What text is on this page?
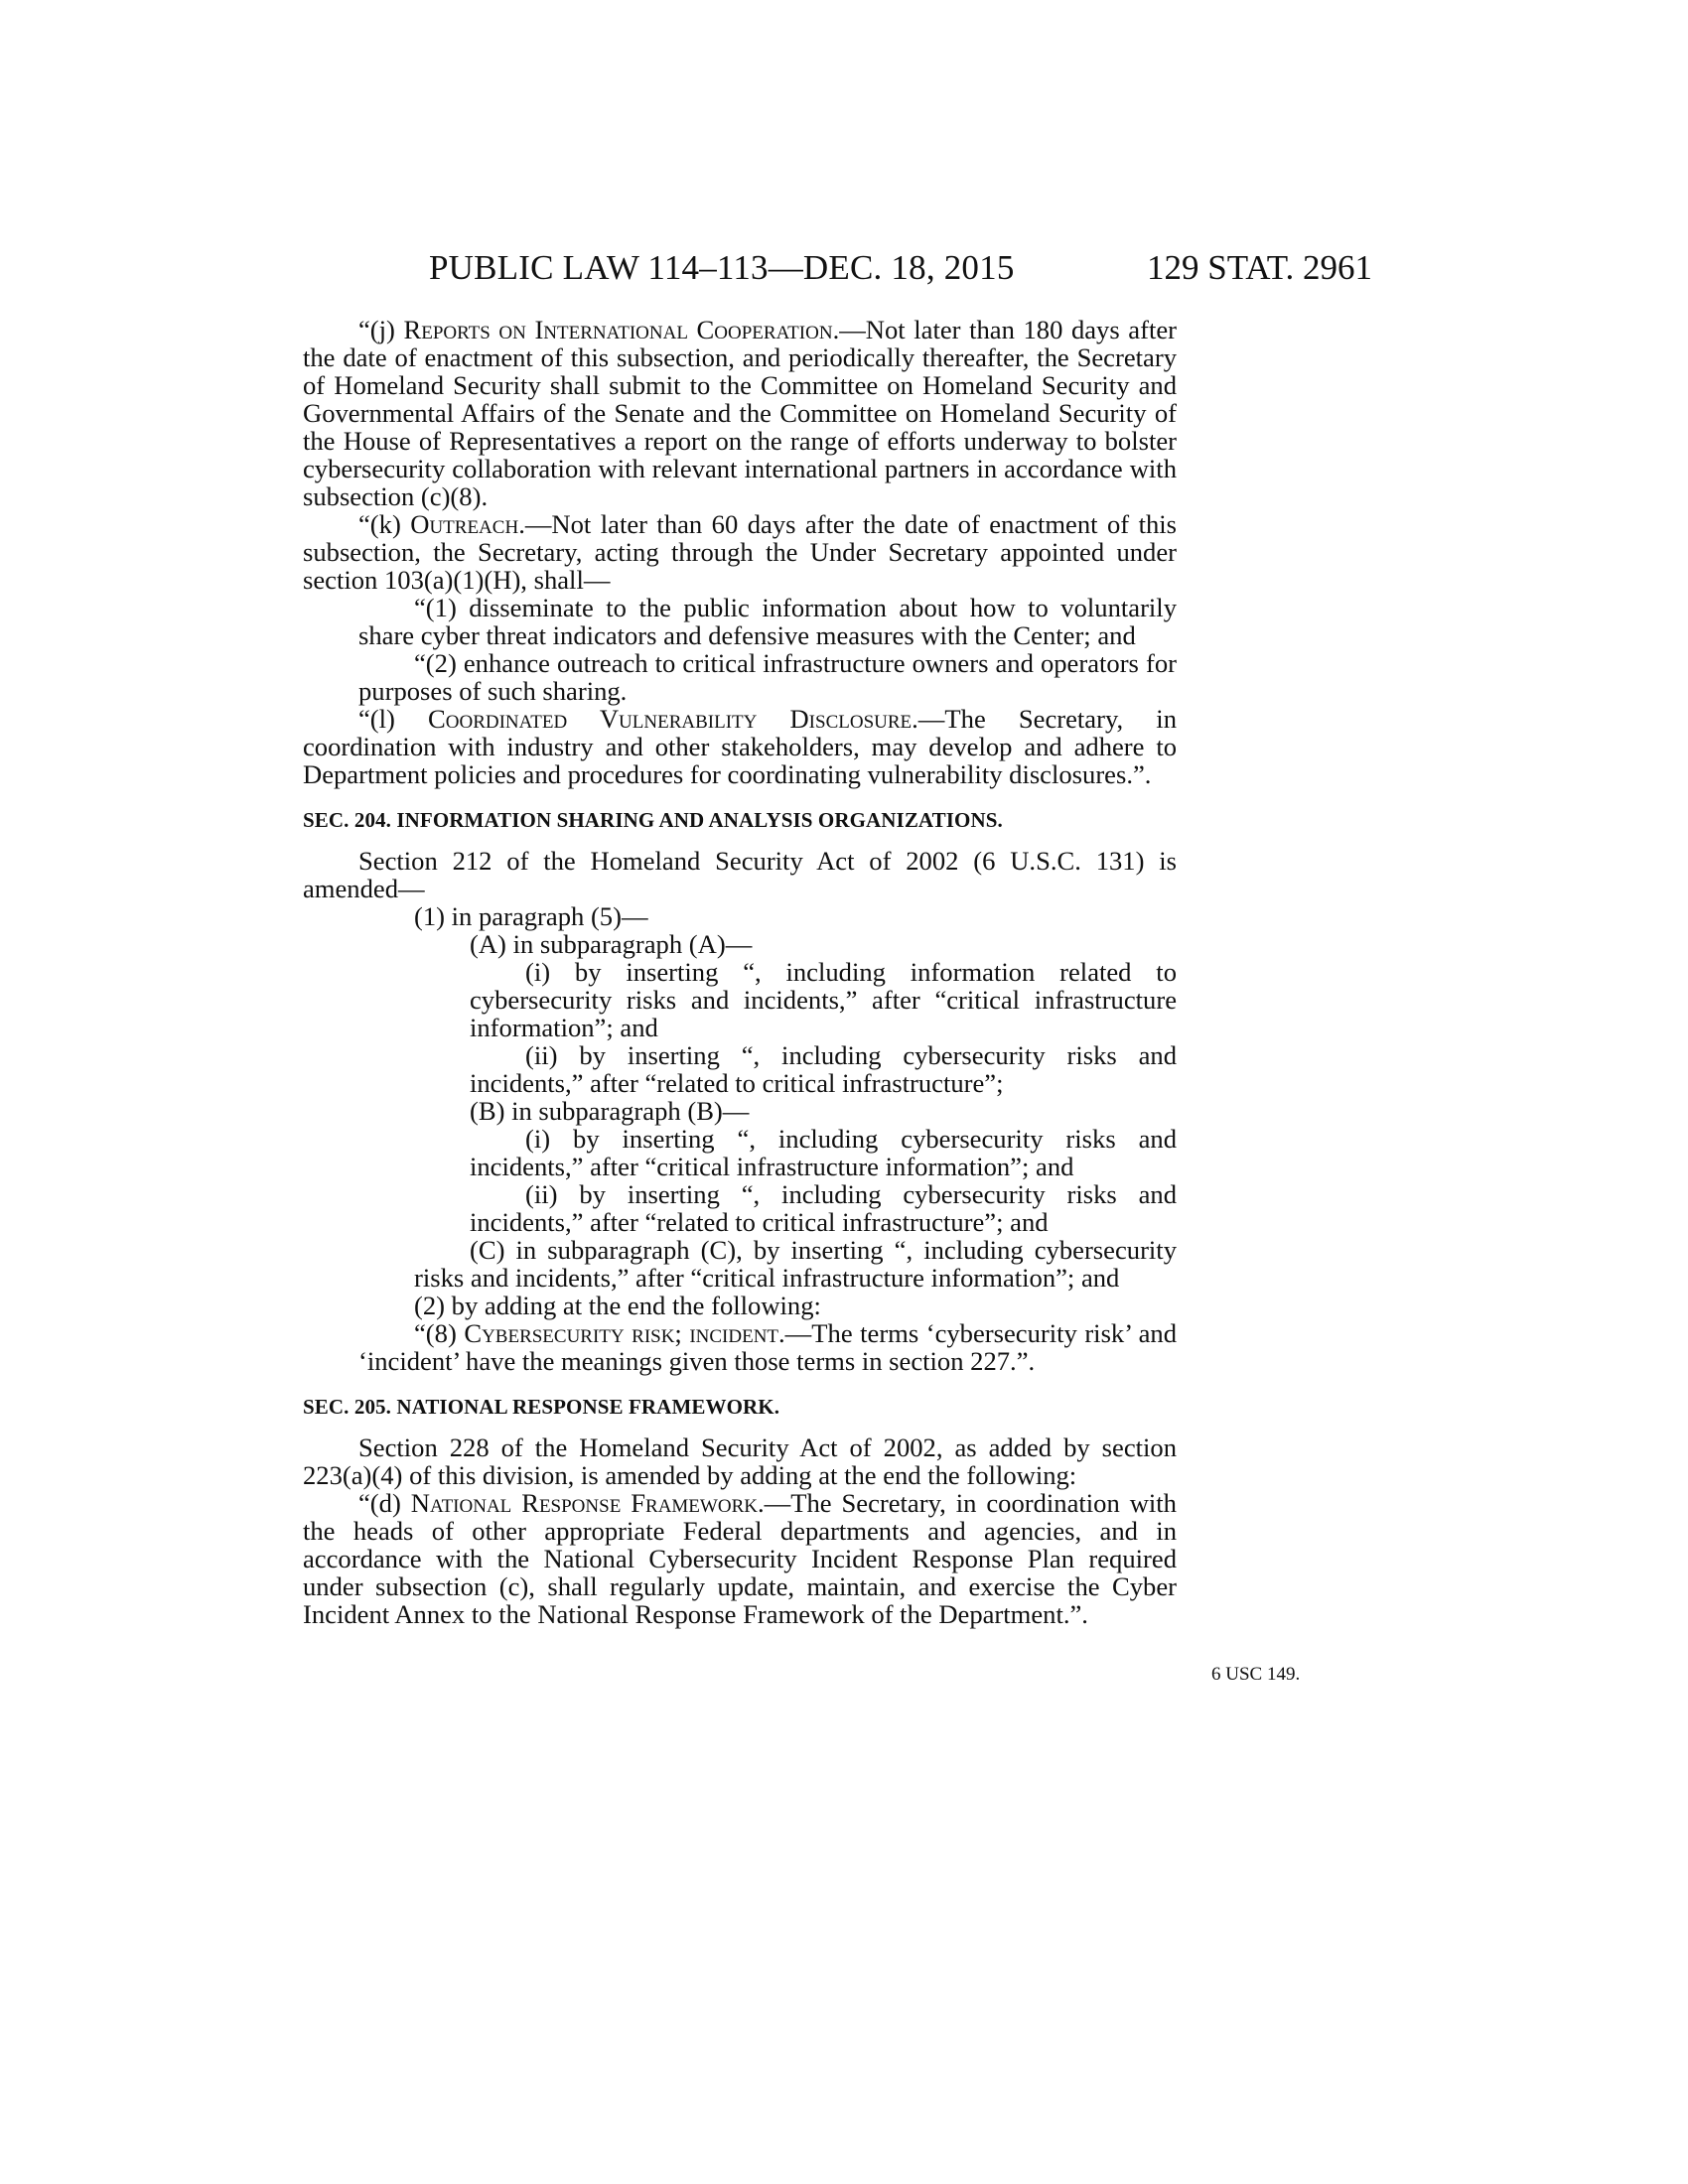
PUBLIC LAW 114–113—DEC. 18, 2015	129 STAT. 2961

“(j) Reports on International Cooperation.—Not later than 180 days after the date of enactment of this subsection, and periodically thereafter, the Secretary of Homeland Security shall submit to the Committee on Homeland Security and Governmental Affairs of the Senate and the Committee on Homeland Security of the House of Representatives a report on the range of efforts underway to bolster cybersecurity collaboration with relevant international partners in accordance with subsection (c)(8).

“(k) Outreach.—Not later than 60 days after the date of enactment of this subsection, the Secretary, acting through the Under Secretary appointed under section 103(a)(1)(H), shall—

“(1) disseminate to the public information about how to voluntarily share cyber threat indicators and defensive measures with the Center; and

“(2) enhance outreach to critical infrastructure owners and operators for purposes of such sharing.

“(l) Coordinated Vulnerability Disclosure.—The Secretary, in coordination with industry and other stakeholders, may develop and adhere to Department policies and procedures for coordinating vulnerability disclosures.”.

SEC. 204. INFORMATION SHARING AND ANALYSIS ORGANIZATIONS.

Section 212 of the Homeland Security Act of 2002 (6 U.S.C. 131) is amended—

(1) in paragraph (5)—

(A) in subparagraph (A)—

(i) by inserting “, including information related to cybersecurity risks and incidents,” after “critical infrastructure information”; and

(ii) by inserting “, including cybersecurity risks and incidents,” after “related to critical infrastructure”;

(B) in subparagraph (B)—

(i) by inserting “, including cybersecurity risks and incidents,” after “critical infrastructure information”; and

(ii) by inserting “, including cybersecurity risks and incidents,” after “related to critical infrastructure”; and

(C) in subparagraph (C), by inserting “, including cybersecurity risks and incidents,” after “critical infrastructure information”; and

(2) by adding at the end the following:

“(8) Cybersecurity risk; incident.—The terms ‘cybersecurity risk’ and ‘incident’ have the meanings given those terms in section 227.”.

SEC. 205. NATIONAL RESPONSE FRAMEWORK.

Section 228 of the Homeland Security Act of 2002, as added by section 223(a)(4) of this division, is amended by adding at the end the following:

“(d) National Response Framework.—The Secretary, in coordination with the heads of other appropriate Federal departments and agencies, and in accordance with the National Cybersecurity Incident Response Plan required under subsection (c), shall regularly update, maintain, and exercise the Cyber Incident Annex to the National Response Framework of the Department.”.

6 USC 149.
